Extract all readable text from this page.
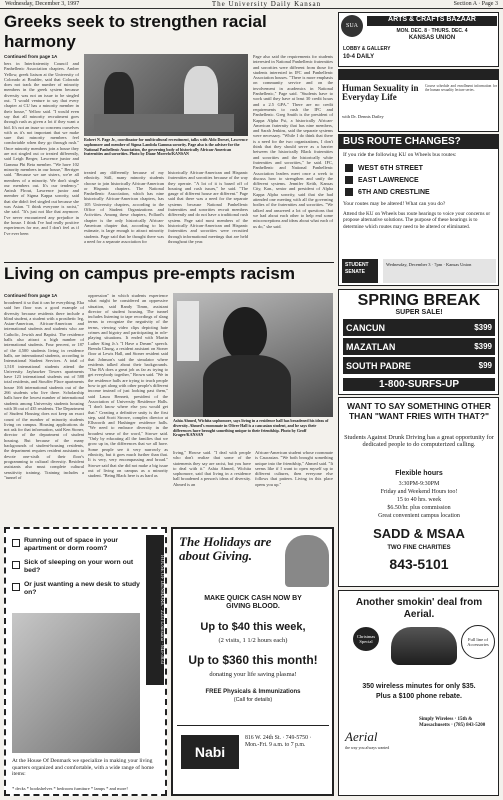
Wednesday, December 3, 1997	The University Daily Kansan	Section A · Page 3
Greeks seek to strengthen racial harmony
Continued from page 1A
bers in Interfraternity Council and Panhellenic Association chapters. Amber Yellow, greek liaison at the University of Colorado at Boulder, said that Colorado does not track the number of minority members in the greek system because diversity was not an issue to be singled out. "I would venture to say that every chapter at CU has a minority member in their house," Yellow said. "I would even say that all minority recruitment goes through rush as given a lot if they want a bid. It's not an issue so concerns ourselves with as it's not important that we make sure that minority members feel comfortable when they go through rush." Once minority members join a house they are not singled out or treated differently, said Leigh Berger, Lawrence junior and Gamma Phi Beta member. "We have 102 minority members in our house," Berriger said. "Because we are sisters, we're all members of a minority. We don't single our members out. It's our tendency." Anissh Flrout, Lawrence junior and member of Sigma Kappa sorority, said that she didn't feel singled out because she was Asian. "I think everyone is racist," she said. "It's just not like that anymore. I've never encountered any prejudice in the house. I think I've had really positive experiences for me, and I don't feel as if I've ever been
Robert N. Page Jr., coordinator for multicultural recruitment, talks with Aldo Dorset, Lawrence sophomore and member of Sigma Lambda Gamma sorority. Page also is the adviser for the National Panhellenic Association, the governing body of historically African-American fraternities and sororities. Photo by Diane Morrelo/KANSAN
treated any differently because of my ethnicity. Still, many minority students choose to join historically African-American or Hispanic chapters. The National Panhellenic Association, which has nine historically African-American chapters, has 105 University chapters, according to the Office of Student Organizations and Activities. Among these chapters, Pollard's chapter is the only historically African-American chapter that, according to his estimate, is large enough to attract minority students. Page said that he thought there was a need for a separate association for
historically African-American and Hispanic fraternities and sororities because of the way they operate. "A lot of it is based off of housing and rush issues," he said. "The gauge of different house are different." Page said that there was a need for the separate systems because National Panhellenic fraternities and sororities recruit members differently and do not have a traditional rush system. Page said most members of the historically African-American and Hispanic fraternities and sororities were recruited through informational meetings that are held throughout the year.
Page also said the requirements for students interested in National Panhellenic fraternities and sororities were different from those for students interested in IFC and Panhellenic Association houses. "There is more emphasis on community service and on the involvement in academics in National Panhellenic," Page said. "Students have to work until they have at least 30 credit hours and a 2.5 GPA." There are no credit requirements to rush the IFC and Panhellenic. Greg Smith is the president of Kappa Alpha Psi, a historically African-American fraternity that has nine members, and Sarah Jenkins, said the separate systems were necessary. "While I do think that there is a need for the two organizations, I don't think that they should serve as a barrier between the historically Black fraternities and sororities and the historically white fraternities and sororities," he said. IFC, Panhellenic and National Panhellenic Association leaders meet once a week to discuss how to strengthen and unify the different systems. Jennifer Keith, Kansas City, Kan., senior and president of Alpha Kappa Alpha sorority, said that she had attended one meeting with all the governing bodies of the fraternities and sororities. "We talked and answered a lot of questions that we had about each other to help end some misconceptions and ideas about what each of us do," she said.
Living on campus pre-empts racism
Continued from page 1A
broadened it so that it can be everything. Eka said her floor was a good example of diversity because residents there include a blind student, a student with a prosthetic leg, Asian-American, African-American and international students and students who are Catholic, Jewish and Baptist. The residence halls also attract a high number of international students. Four percent, or 187 of the 4,500 students living in residence halls, are international students, according to International Student Services. A total of 1,518 international students attend the University. Jayhawker Towers apartments have 123 international students out of 588 total residents, and Stouffer Place apartments house 166 international students out of the 266 students who live there. Scholarship halls have the lowest number of international students among University students housing with 36 out of 435 residents. The Department of Student Housing does not keep an exact count of the number of minority students living on campus. Housing applications do not ask for that information, said Ken Stoner, director of the department of student housing. But because of the many backgrounds of student-housing residents, the department requires resident assistants to devote one-sixth of their floor's programming to cultural diversity. Resident assistants also must complete cultural sensitivity training. Training includes a "tunnel of
oppression" in which students experience what might be considered an oppressive situation, said Randy Timm, assistant director of student housing. The tunnel includes listening to tape recordings of slang terms to recognize the negativity of the terms, viewing video clips depicting hate crimes and bigotry and participating in role-playing situations. It ended with Martin Luther King Jr.'s "I Have a Dream" speech. Brenda Chung, a resident assistant on Stoner floor at Lewis Hall, and Stoner resident said that Johnson's said the simulator where residents talked about their backgrounds. "Our RA does a great job as far as trying to get everybody together," Brown said. "We in the residence halls are trying to teach people how to get along with other people's different income instead of just looking past them," said Laura Bennett, president of the Association of University Residence Halls. "I don't know where else you would get that." Creating a definitive unity is the first step, said Scott Strowe, complex director at Ellsworth and Hashinger residence halls. "We need to embrace diversity in the broadest sense of the word," Strowe said. "Only by educating all the families that we grow up in, the differences that we all have. Some people see it very narrowly as ethnicity, but it goes much further than that. It is very, very encompassing and broad." Strowe said that she did not make a big issue out of living on campus as a minority student. "Being Black here is as hard as
Ashia Ahmed, Wichita sophomore, says living in a residence hall has broadened his ideas of diversity. Ahmed's roommate in Oliver Hall is a caucasian student, and he says their differences have brought something unique to their friendship. Photo by Geoff Krager/KANSAN
living," Howse said. "I deal with people who don't realize that some of the statements they say are racist, but you have to deal with it." Ashia Ahmed, Wichita sophomore, said that living in a residence hall broadened a person's ideas of diversity. Ahmed is an
African-American student whose roommate is Caucasian. "We both brought something unique into the friendship," Ahmed said. "It seems like if I want to open myself up to different cultures, then everyone else follows that pattern. Living in this place opens you up."
SUA
ARTS & CRAFTS BAZAAR
MON. DEC. 8 · THURS. DEC. 4
KANSAS UNION
LOBBY & GALLERY
10-4 DAILY
Human Sexuality in Everyday Life
with Dr. Dennis Dailey
Course schedule and enrollment information for the human sexuality lecture series.
BUS ROUTE CHANGES?
If you ride the following KU on Wheels bus routes:
WEST 6TH STREET
EAST LAWRENCE
6TH AND CRESTLINE
Your routes may be altered! What can you do?
Attend the KU on Wheels bus route hearings to voice your concerns or propose alternative solutions. The purpose of these hearings is to determine which routes may need to be altered or eliminated.
STUDENT SENATE
Wednesday, December 3 · 7pm · Kansas Union
SPRING BREAK
SUPER SALE!
CANCUN	$399
MAZATLAN	$399
SOUTH PADRE	$99
1-800-SURFS-UP
WANT TO SAY SOMETHING OTHER THAN "WANT FRIES WITH THAT?"
Students Against Drunk Driving has a great opportunity for dedicated people to do computerized calling.
Flexible hours
3:30PM-9:30PM
Friday and Weekend Hours too!
15 to 40 hrs. week
$6.50/hr. plus commission
Great convenient campus location
SADD & MSAA
TWO FINE CHARITIES
843-5101
Another smokin' deal from Aerial.
Christmas Special	Full line of Accessories
350 wireless minutes for only $35.
Plus a $100 phone rebate.
Aerial
the way you always wanted
Simply Wireless · 15th & Massachusetts · (785) 843-5200
Running out of space in your apartment or dorm room?
Sick of sleeping on your worn out bed?
Or just wanting a new desk to study on?	HOUSE OF DENMARK · 2233 Louisiana · 843-3833
At the House Of Denmark we specialize in making your living quarters organized and comfortable, with a wide range of home items:
* decks * bookshelves * bedroom furniture * lamps * and more!
The Holidays are about Giving.
MAKE QUICK CASH NOW BY GIVING BLOOD.
Up to $40 this week,
(2 visits, 1 1/2 hours each)
Up to $360 this month!
donating your life saving plasma!
FREE Physicals & Immunizations
(Call for details)
Nabi
816 W. 24th St. · 749-5750 · Mon.-Fri. 9 a.m. to 7 p.m.
